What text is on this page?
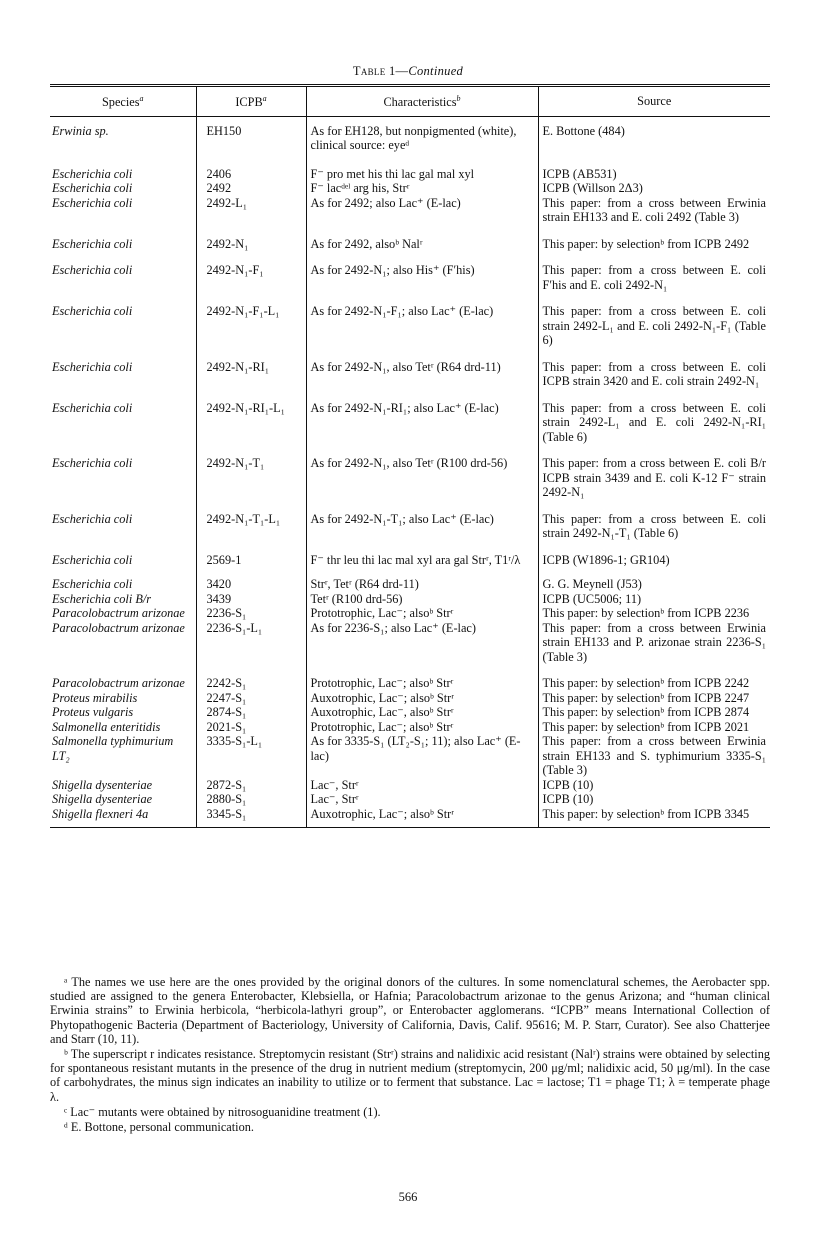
Table 1—Continued
Species$^a$	ICPB$^a$	Characteristics$^b$	Source
Erwinia sp.	EH150	As for EH128, but nonpigmented (white), clinical source: eyeᵈ	E. Bottone (484)
Escherichia coli	2406	F⁻ pro met his thi lac gal mal xyl	ICPB (AB531)
Escherichia coli	2492	F⁻ lacᵈᵉˡ arg his, Strʳ	ICPB (Willson 2Δ3)
Escherichia coli	2492-L₁	As for 2492; also Lac⁺ (E-lac)	This paper: from a cross between Erwinia strain EH133 and E. coli 2492 (Table 3)
Escherichia coli	2492-N₁	As for 2492, alsoᵇ Nalʳ	This paper: by selectionᵇ from ICPB 2492
Escherichia coli	2492-N₁-F₁	As for 2492-N₁; also His⁺ (F′his)	This paper: from a cross between E. coli F′his and E. coli 2492-N₁
Escherichia coli	2492-N₁-F₁-L₁	As for 2492-N₁-F₁; also Lac⁺ (E-lac)	This paper: from a cross between E. coli strain 2492-L₁ and E. coli 2492-N₁-F₁ (Table 6)
Escherichia coli	2492-N₁-RI₁	As for 2492-N₁, also Tetʳ (R64 drd-11)	This paper: from a cross between E. coli ICPB strain 3420 and E. coli strain 2492-N₁
Escherichia coli	2492-N₁-RI₁-L₁	As for 2492-N₁-RI₁; also Lac⁺ (E-lac)	This paper: from a cross between E. coli strain 2492-L₁ and E. coli 2492-N₁-RI₁ (Table 6)
Escherichia coli	2492-N₁-T₁	As for 2492-N₁, also Tetʳ (R100 drd-56)	This paper: from a cross between E. coli B/r ICPB strain 3439 and E. coli K-12 F⁻ strain 2492-N₁
Escherichia coli	2492-N₁-T₁-L₁	As for 2492-N₁-T₁; also Lac⁺ (E-lac)	This paper: from a cross between E. coli strain 2492-N₁-T₁ (Table 6)
Escherichia coli	2569-1	F⁻ thr leu thi lac mal xyl ara gal Strʳ, T1ʳ/λ	ICPB (W1896-1; GR104)
Escherichia coli	3420	Strʳ, Tetʳ (R64 drd-11)	G. G. Meynell (J53)
Escherichia coli B/r	3439	Tetʳ (R100 drd-56)	ICPB (UC5006; 11)
Paracolobactrum arizonae	2236-S₁	Prototrophic, Lac⁻; alsoᵇ Strʳ	This paper: by selectionᵇ from ICPB 2236
Paracolobactrum arizonae	2236-S₁-L₁	As for 2236-S₁; also Lac⁺ (E-lac)	This paper: from a cross between Erwinia strain EH133 and P. arizonae strain 2236-S₁ (Table 3)
Paracolobactrum arizonae	2242-S₁	Prototrophic, Lac⁻; alsoᵇ Strʳ	This paper: by selectionᵇ from ICPB 2242
Proteus mirabilis	2247-S₁	Auxotrophic, Lac⁻; alsoᵇ Strʳ	This paper: by selectionᵇ from ICPB 2247
Proteus vulgaris	2874-S₁	Auxotrophic, Lac⁻, alsoᵇ Strʳ	This paper: by selectionᵇ from ICPB 2874
Salmonella enteritidis	2021-S₁	Prototrophic, Lac⁻; alsoᵇ Strʳ	This paper: by selectionᵇ from ICPB 2021
Salmonella typhimurium LT₂	3335-S₁-L₁	As for 3335-S₁ (LT₂-S₁; 11); also Lac⁺ (E-lac)	This paper: from a cross between Erwinia strain EH133 and S. typhimurium 3335-S₁ (Table 3)
Shigella dysenteriae	2872-S₁	Lac⁻, Strʳ	ICPB (10)
Shigella dysenteriae	2880-S₁	Lac⁻, Strʳ	ICPB (10)
Shigella flexneri 4a	3345-S₁	Auxotrophic, Lac⁻; alsoᵇ Strʳ	This paper: by selectionᵇ from ICPB 3345

ᵃ The names we use here are the ones provided by the original donors of the cultures. In some nomenclatural schemes, the Aerobacter spp. studied are assigned to the genera Enterobacter, Klebsiella, or Hafnia; Paracolobactrum arizonae to the genus Arizona; and “human clinical Erwinia strains” to Erwinia herbicola, “herbicola-lathyri group”, or Enterobacter agglomerans. “ICPB” means International Collection of Phytopathogenic Bacteria (Department of Bacteriology, University of California, Davis, Calif. 95616; M. P. Starr, Curator). See also Chatterjee and Starr (10, 11).

ᵇ The superscript r indicates resistance. Streptomycin resistant (Strʳ) strains and nalidixic acid resistant (Nalʳ) strains were obtained by selecting for spontaneous resistant mutants in the presence of the drug in nutrient medium (streptomycin, 200 μg/ml; nalidixic acid, 50 μg/ml). In the case of carbohydrates, the minus sign indicates an inability to utilize or to ferment that substance. Lac = lactose; T1 = phage T1; λ = temperate phage λ.

ᶜ Lac⁻ mutants were obtained by nitrosoguanidine treatment (1).

ᵈ E. Bottone, personal communication.

566
